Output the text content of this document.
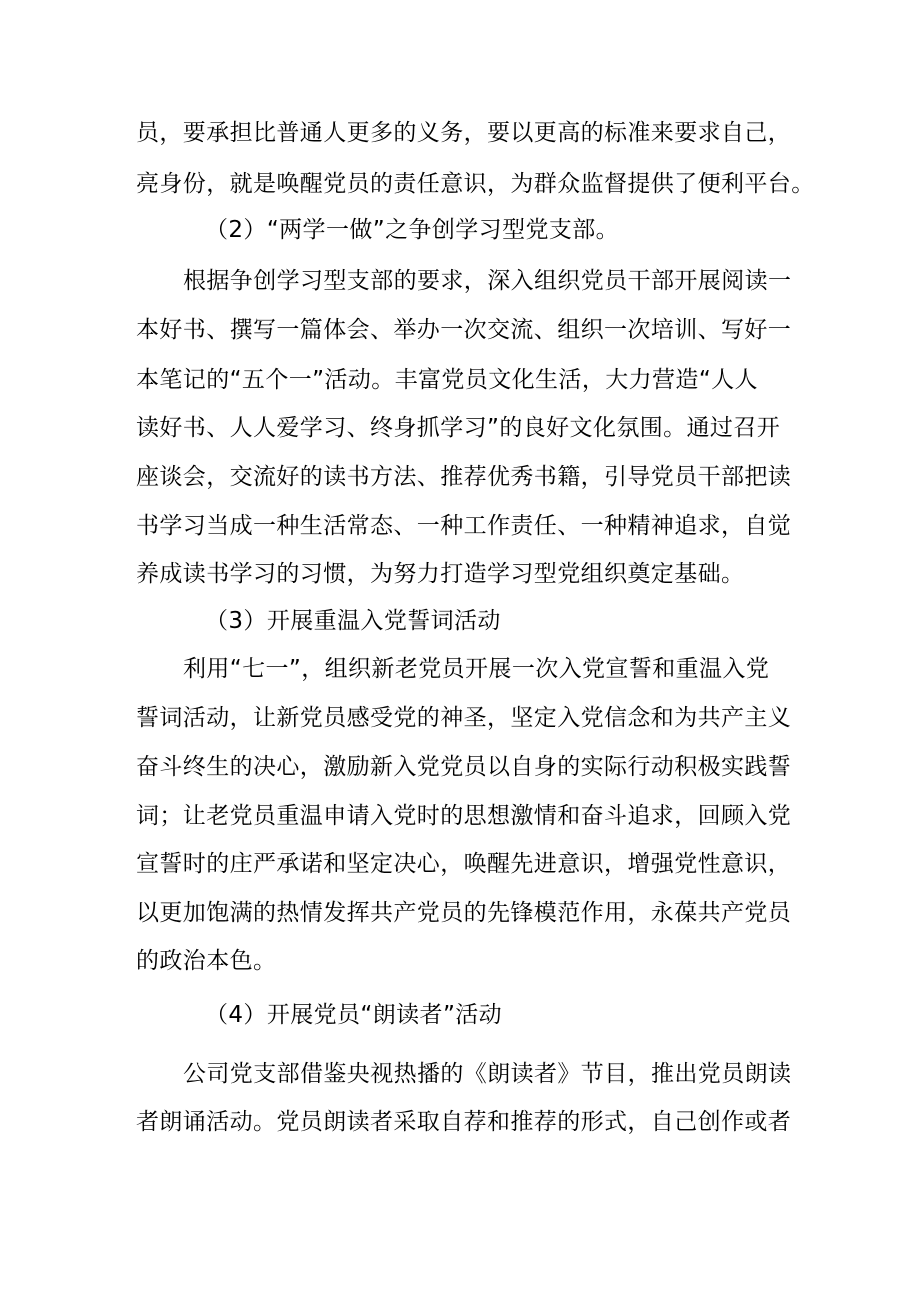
员，要承担比普通人更多的义务，要以更高的标准来要求自己，
亮身份，就是唤醒党员的责任意识，为群众监督提供了便利平台。
（2）“两学一做”之争创学习型党支部。
根据争创学习型支部的要求，深入组织党员干部开展阅读一
本好书、撰写一篇体会、举办一次交流、组织一次培训、写好一
本笔记的“五个一”活动。丰富党员文化生活，大力营造“人人
读好书、人人爱学习、终身抓学习”的良好文化氛围。通过召开
座谈会，交流好的读书方法、推荐优秀书籍，引导党员干部把读
书学习当成一种生活常态、一种工作责任、一种精神追求，自觉
养成读书学习的习惯，为努力打造学习型党组织奠定基础。
（3）开展重温入党誓词活动
利用“七一”，组织新老党员开展一次入党宣誓和重温入党
誓词活动，让新党员感受党的神圣，坚定入党信念和为共产主义
奋斗终生的决心，激励新入党党员以自身的实际行动积极实践誓
词；让老党员重温申请入党时的思想激情和奋斗追求，回顾入党
宣誓时的庄严承诺和坚定决心，唤醒先进意识，增强党性意识，
以更加饱满的热情发挥共产党员的先锋模范作用，永葆共产党员
的政治本色。
（4）开展党员“朗读者”活动
公司党支部借鉴央视热播的《朗读者》节目，推出党员朗读
者朗诵活动。党员朗读者采取自荐和推荐的形式，自己创作或者
